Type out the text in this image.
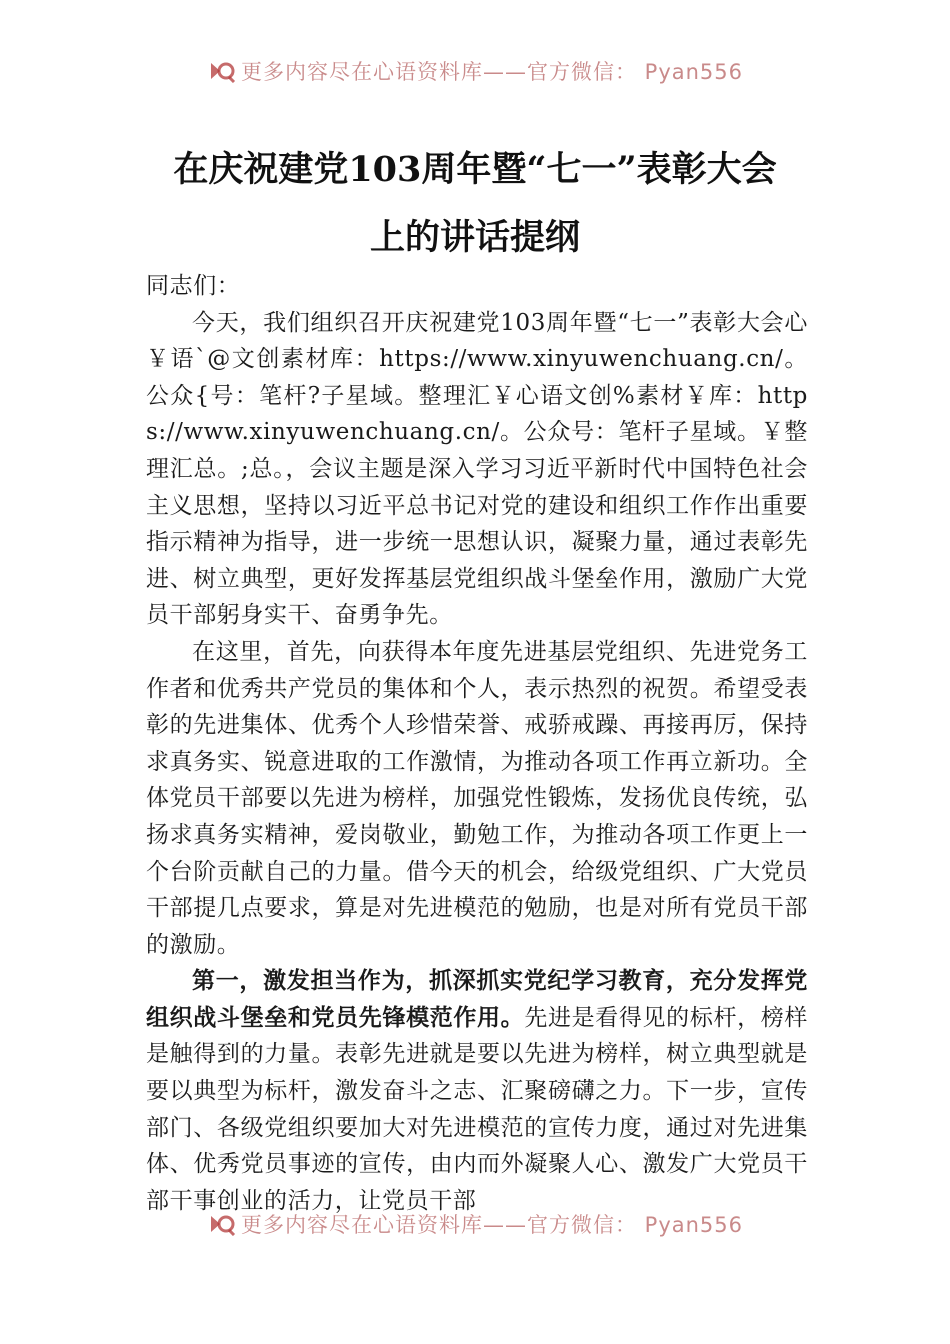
更多内容尽在心语资料库——官方微信： Pyan556
在庆祝建党103周年暨“七一”表彰大会
上的讲话提纲

同志们：

今天，我们组织召开庆祝建党103周年暨“七一”表彰大会心￥语`@文创素材库：https://www.xinyuwenchuang.cn/。公众{号：笔杆?子星域。整理汇￥心语文创%素材￥库：https://www.xinyuwenchuang.cn/。公众号：笔杆子星域。￥整理汇总。;总。，会议主题是深入学习习近平新时代中国特色社会主义思想，坚持以习近平总书记对党的建设和组织工作作出重要指示精神为指导，进一步统一思想认识，凝聚力量，通过表彰先进、树立典型，更好发挥基层党组织战斗堡垒作用，激励广大党员干部躬身实干、奋勇争先。

在这里，首先，向获得本年度先进基层党组织、先进党务工作者和优秀共产党员的集体和个人，表示热烈的祝贺。希望受表彰的先进集体、优秀个人珍惜荣誉、戒骄戒躁、再接再厉，保持求真务实、锐意进取的工作激情，为推动各项工作再立新功。全体党员干部要以先进为榜样，加强党性锻炼，发扬优良传统，弘扬求真务实精神，爱岗敬业，勤勉工作，为推动各项工作更上一个台阶贡献自己的力量。借今天的机会，给级党组织、广大党员干部提几点要求，算是对先进模范的勉励，也是对所有党员干部的激励。

第一，激发担当作为，抓深抓实党纪学习教育，充分发挥党组织战斗堡垒和党员先锋模范作用。先进是看得见的标杆，榜样是触得到的力量。表彰先进就是要以先进为榜样，树立典型就是要以典型为标杆，激发奋斗之志、汇聚磅礴之力。下一步，宣传部门、各级党组织要加大对先进模范的宣传力度，通过对先进集体、优秀党员事迹的宣传，由内而外凝聚人心、激发广大党员干部干事创业的活力，让党员干部

更多内容尽在心语资料库——官方微信： Pyan556
